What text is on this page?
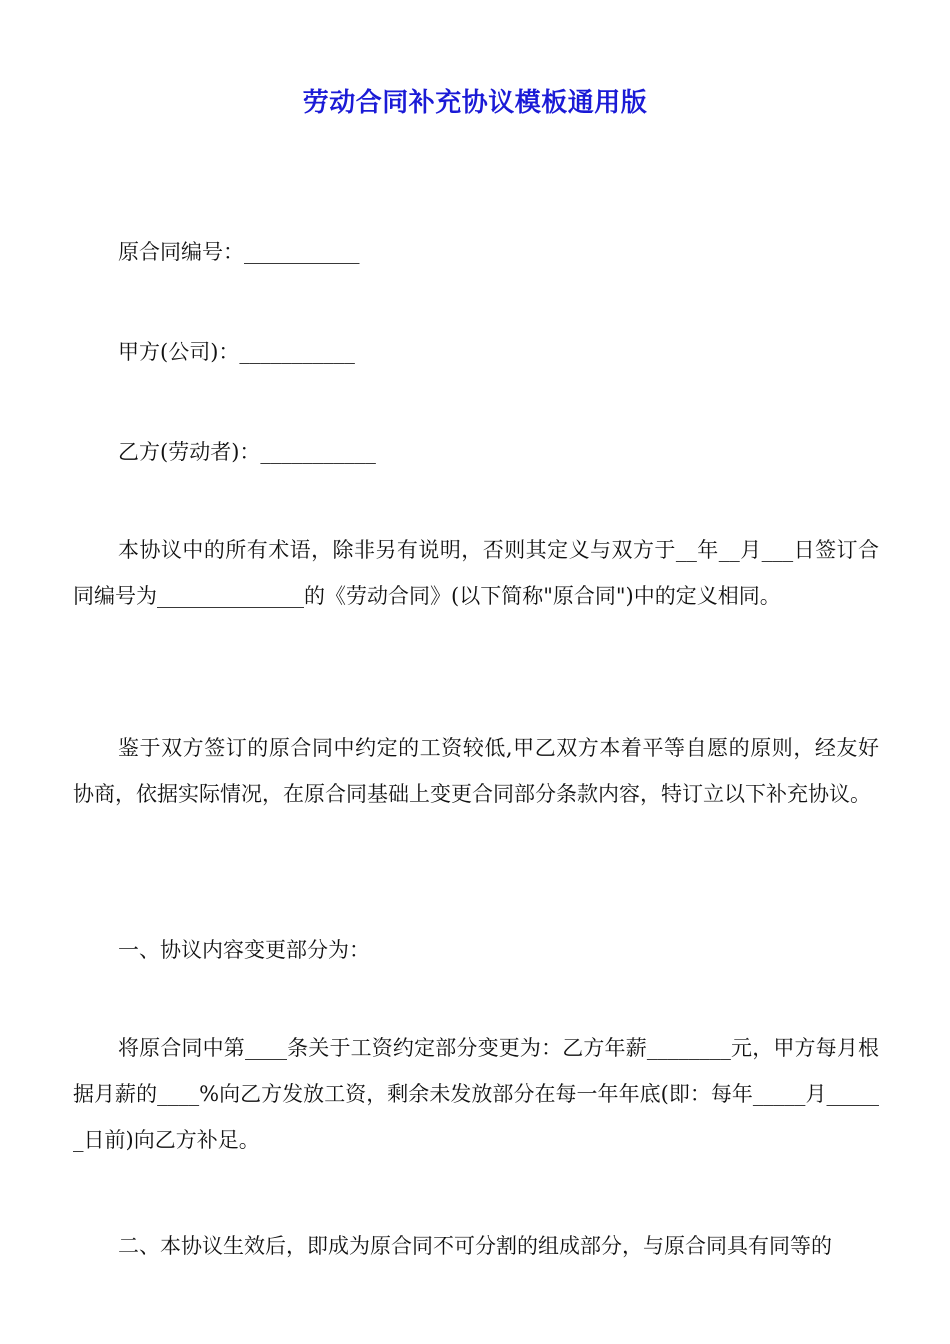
劳动合同补充协议模板通用版
原合同编号：___________
甲方(公司)：___________
乙方(劳动者)：___________
本协议中的所有术语，除非另有说明，否则其定义与双方于__年__月___日签订合同编号为______________的《劳动合同》(以下简称"原合同")中的定义相同。
鉴于双方签订的原合同中约定的工资较低,甲乙双方本着平等自愿的原则，经友好协商，依据实际情况，在原合同基础上变更合同部分条款内容，特订立以下补充协议。
一、协议内容变更部分为：
将原合同中第____条关于工资约定部分变更为：乙方年薪________元，甲方每月根据月薪的____%向乙方发放工资，剩余未发放部分在每一年年底(即：每年_____月______日前)向乙方补足。
二、本协议生效后，即成为原合同不可分割的组成部分，与原合同具有同等的
